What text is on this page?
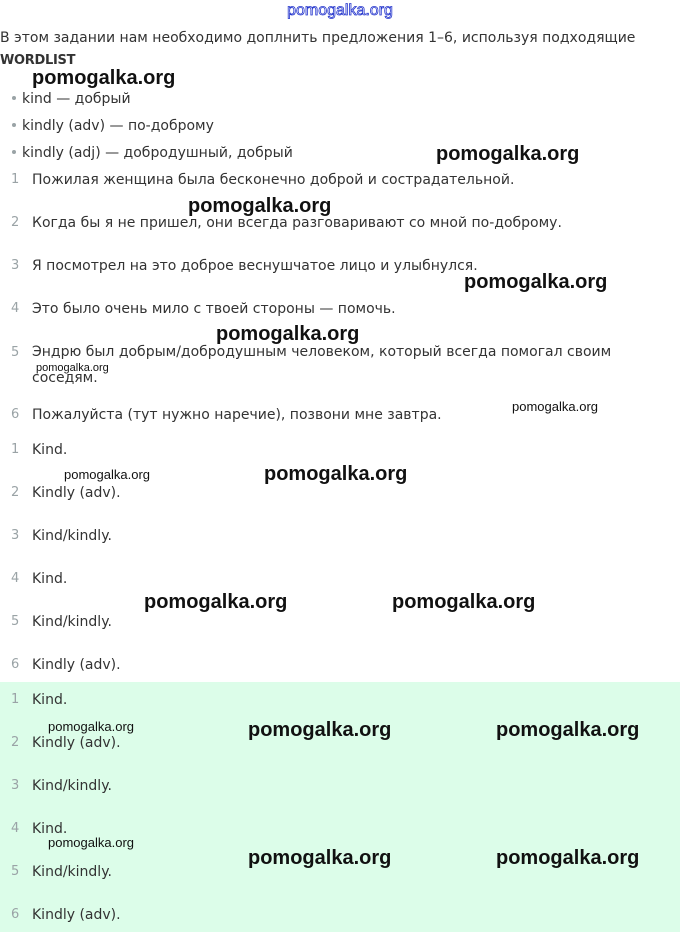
pomogalka.org
В этом задании нам необходимо доплнить предложения 1–6, используя подходящие
WORDLIST
kind — добрый
kindly (adv) — по-доброму
kindly (adj) — добродушный, добрый
1 Пожилая женщина была бесконечно доброй и сострадательной.
2 Когда бы я не пришел, они всегда разговаривают со мной по-доброму.
3 Я посмотрел на это доброе веснушчатое лицо и улыбнулся.
4 Это было очень мило с твоей стороны — помочь.
5 Эндрю был добрым/добродушным человеком, который всегда помогал своим соседям.
6 Пожалуйста (тут нужно наречие), позвони мне завтра.
1 Kind.
2 Kindly (adv).
3 Kind/kindly.
4 Kind.
5 Kind/kindly.
6 Kindly (adv).
1 Kind.
2 Kindly (adv).
3 Kind/kindly.
4 Kind.
5 Kind/kindly.
6 Kindly (adv).
pomogalka.org
pomogalka.org
pomogalka.org
pomogalka.org
pomogalka.org
pomogalka.org
pomogalka.org
pomogalka.org	pomogalka.org
pomogalka.org	pomogalka.org
pomogalka.org	pomogalka.org	pomogalka.org
pomogalka.org
pomogalka.org	pomogalka.org
